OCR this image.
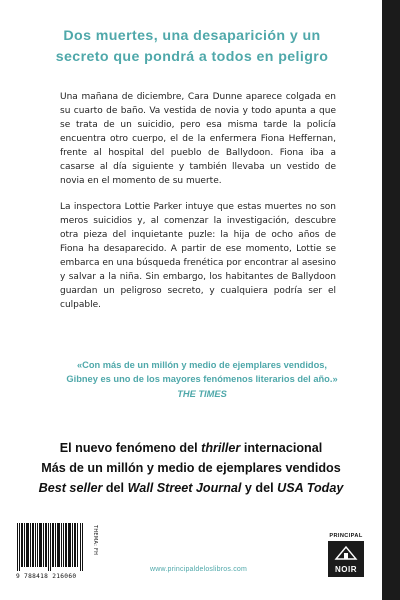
Dos muertes, una desaparición y un
secreto que pondrá a todos en peligro

Una mañana de diciembre, Cara Dunne aparece colgada en su cuarto de baño. Va vestida de novia y todo apunta a que se trata de un suicidio, pero esa misma tarde la policía encuentra otro cuerpo, el de la enfermera Fiona Heffernan, frente al hospital del pueblo de Ballydoon. Fiona iba a casarse al día siguiente y también llevaba un vestido de novia en el momento de su muerte.

La inspectora Lottie Parker intuye que estas muertes no son meros suicidios y, al comenzar la investigación, descubre otra pieza del inquietante puzle: la hija de ocho años de Fiona ha desaparecido. A partir de ese momento, Lottie se embarca en una búsqueda frenética por encontrar al asesino y salvar a la niña. Sin embargo, los habitantes de Ballydoon guardan un peligroso secreto, y cualquiera podría ser el culpable.

«Con más de un millón y medio de ejemplares vendidos,
Gibney es uno de los mayores fenómenos literarios del año.»
THE TIMES
El nuevo fenómeno del thriller internacional
Más de un millón y medio de ejemplares vendidos
Best seller del Wall Street Journal y del USA Today
9 788418 216060
THEMA: FH
www.principaldeloslibros.com
PRINCIPAL
NOIR
